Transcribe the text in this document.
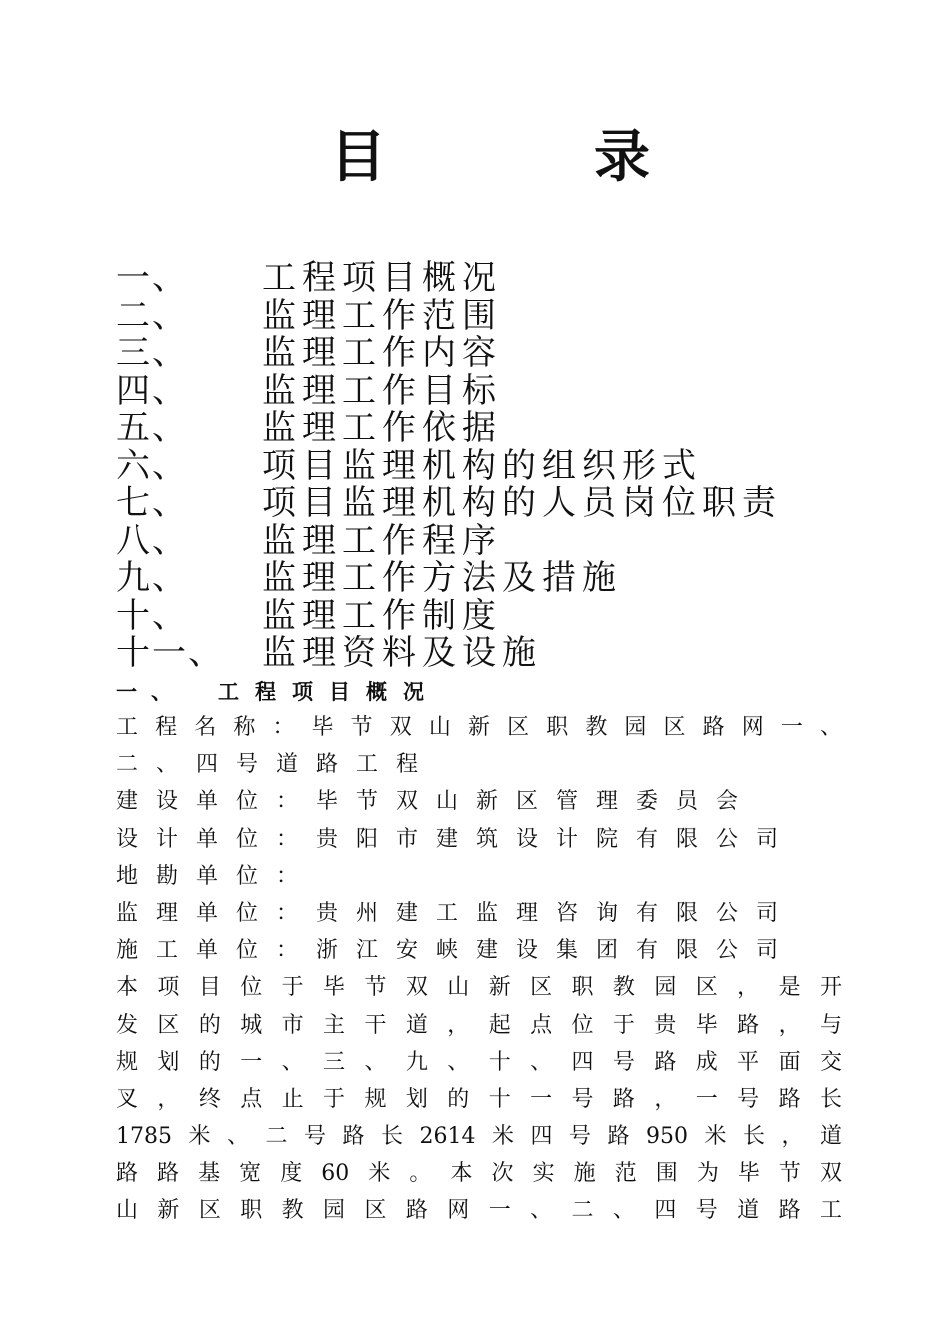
目	录
一、 工程项目概况
二、 监理工作范围
三、 监理工作内容
四、 监理工作目标
五、 监理工作依据
六、 项目监理机构的组织形式
七、 项目监理机构的人员岗位职责
八、 监理工作程序
九、 监理工作方法及措施
十、 监理工作制度
十一、 监理资料及设施
一、 工程项目概况
工程名称：毕节双山新区职教园区路网一、
二、四号道路工程
建设单位：毕节双山新区管理委员会
设计单位：贵阳市建筑设计院有限公司
地勘单位：
监理单位：贵州建工监理咨询有限公司
施工单位：浙江安峡建设集团有限公司
本项目位于毕节双山新区职教园区，是开
发区的城市主干道，起点位于贵毕路，与
规划的一、三、九、十、四号路成平面交
叉，终点止于规划的十一号路，一号路长
1785米、二号路长2614米四号路950米长，道
路路基宽度60米。本次实施范围为毕节双
山新区职教园区路网一、二、四号道路工
